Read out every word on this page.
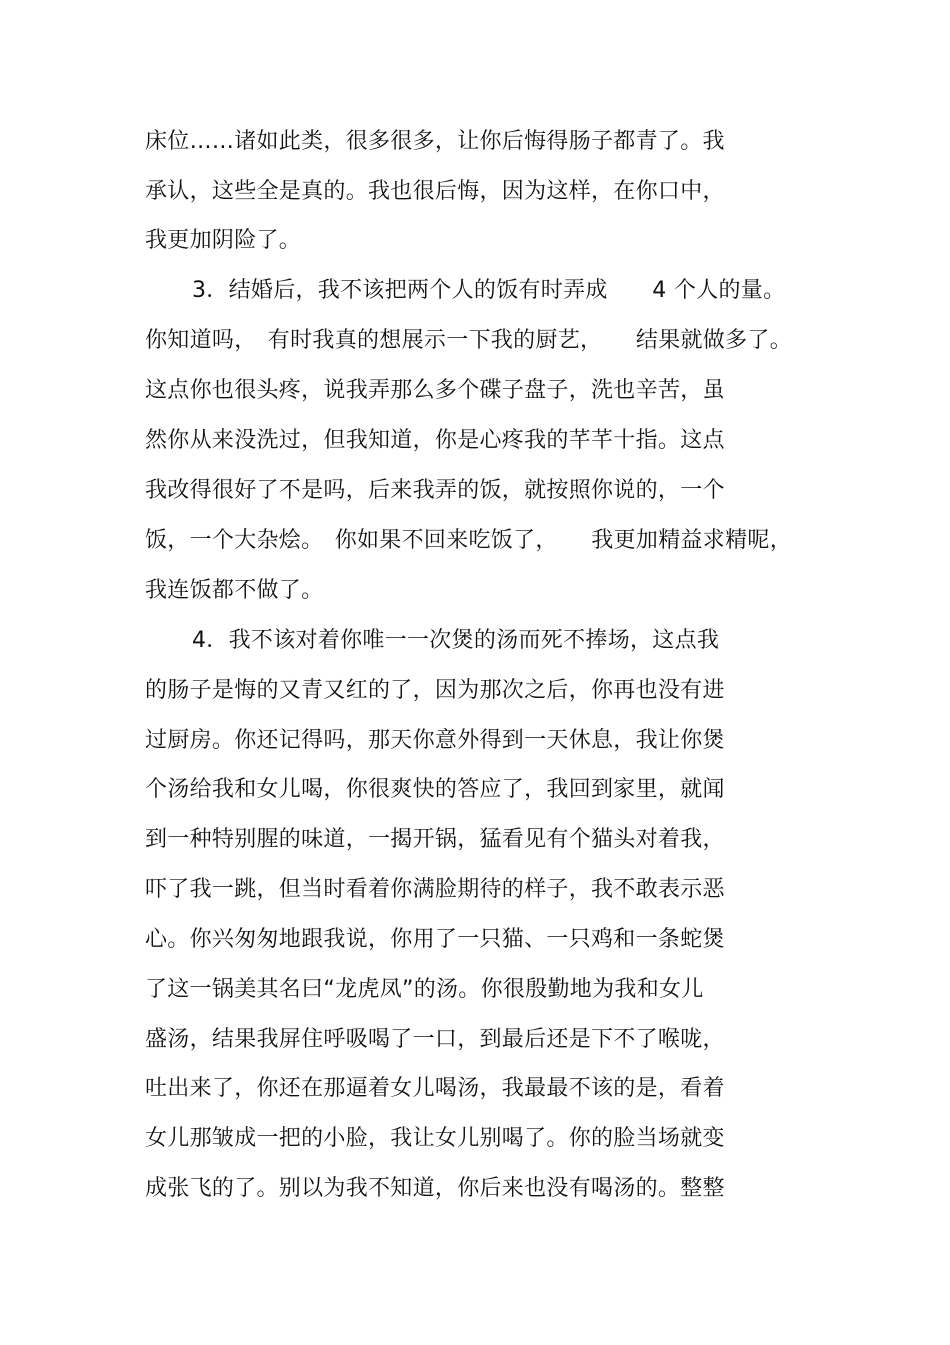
床位……诸如此类，很多很多，让你后悔得肠子都青了。我

承认，这些全是真的。我也很后悔，因为这样，在你口中，

我更加阴险了。

3．结婚后，我不该把两个人的饭有时弄成　　4 个人的量。

你知道吗，　有时我真的想展示一下我的厨艺，　　结果就做多了。

这点你也很头疼，说我弄那么多个碟子盘子，洗也辛苦，虽

然你从来没洗过，但我知道，你是心疼我的芊芊十指。这点

我改得很好了不是吗，后来我弄的饭，就按照你说的，一个

饭，一个大杂烩。　你如果不回来吃饭了，　　我更加精益求精呢，

我连饭都不做了。

4．我不该对着你唯一一次煲的汤而死不捧场，这点我

的肠子是悔的又青又红的了，因为那次之后，你再也没有进

过厨房。你还记得吗，那天你意外得到一天休息，我让你煲

个汤给我和女儿喝，你很爽快的答应了，我回到家里，就闻

到一种特别腥的味道，一揭开锅，猛看见有个猫头对着我，

吓了我一跳，但当时看着你满脸期待的样子，我不敢表示恶

心。你兴匆匆地跟我说，你用了一只猫、一只鸡和一条蛇煲

了这一锅美其名曰“龙虎凤”的汤。你很殷勤地为我和女儿

盛汤，结果我屏住呼吸喝了一口，到最后还是下不了喉咙，

吐出来了，你还在那逼着女儿喝汤，我最最不该的是，看着

女儿那皱成一把的小脸，我让女儿别喝了。你的脸当场就变

成张飞的了。别以为我不知道，你后来也没有喝汤的。整整
